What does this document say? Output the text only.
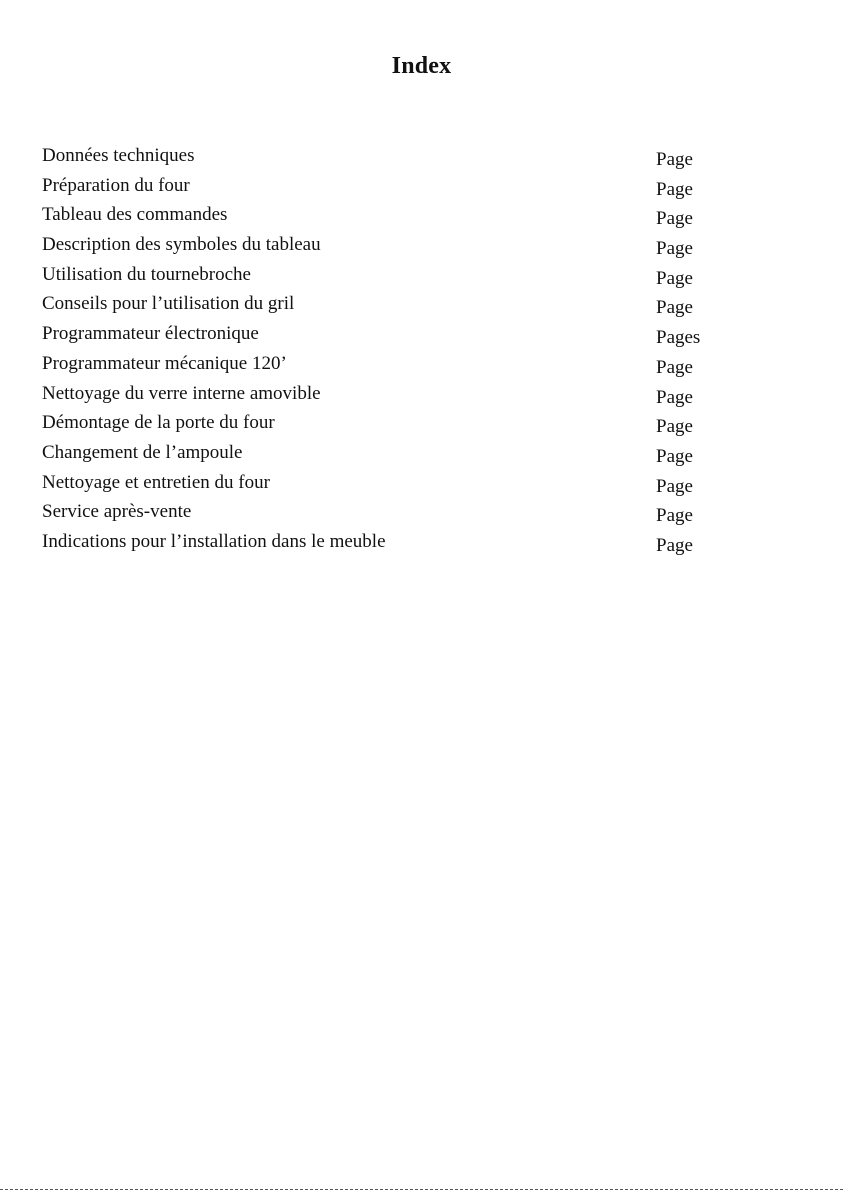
Index
Données techniques	Page
Préparation du four	Page
Tableau des commandes	Page
Description des symboles du tableau	Page
Utilisation du tournebroche	Page
Conseils pour l’utilisation du gril	Page
Programmateur électronique	Pages
Programmateur mécanique 120’	Page
Nettoyage du verre interne amovible	Page
Démontage de la porte du four	Page
Changement de l’ampoule	Page
Nettoyage et entretien du four	Page
Service après-vente	Page
Indications pour l’installation dans le meuble	Page
